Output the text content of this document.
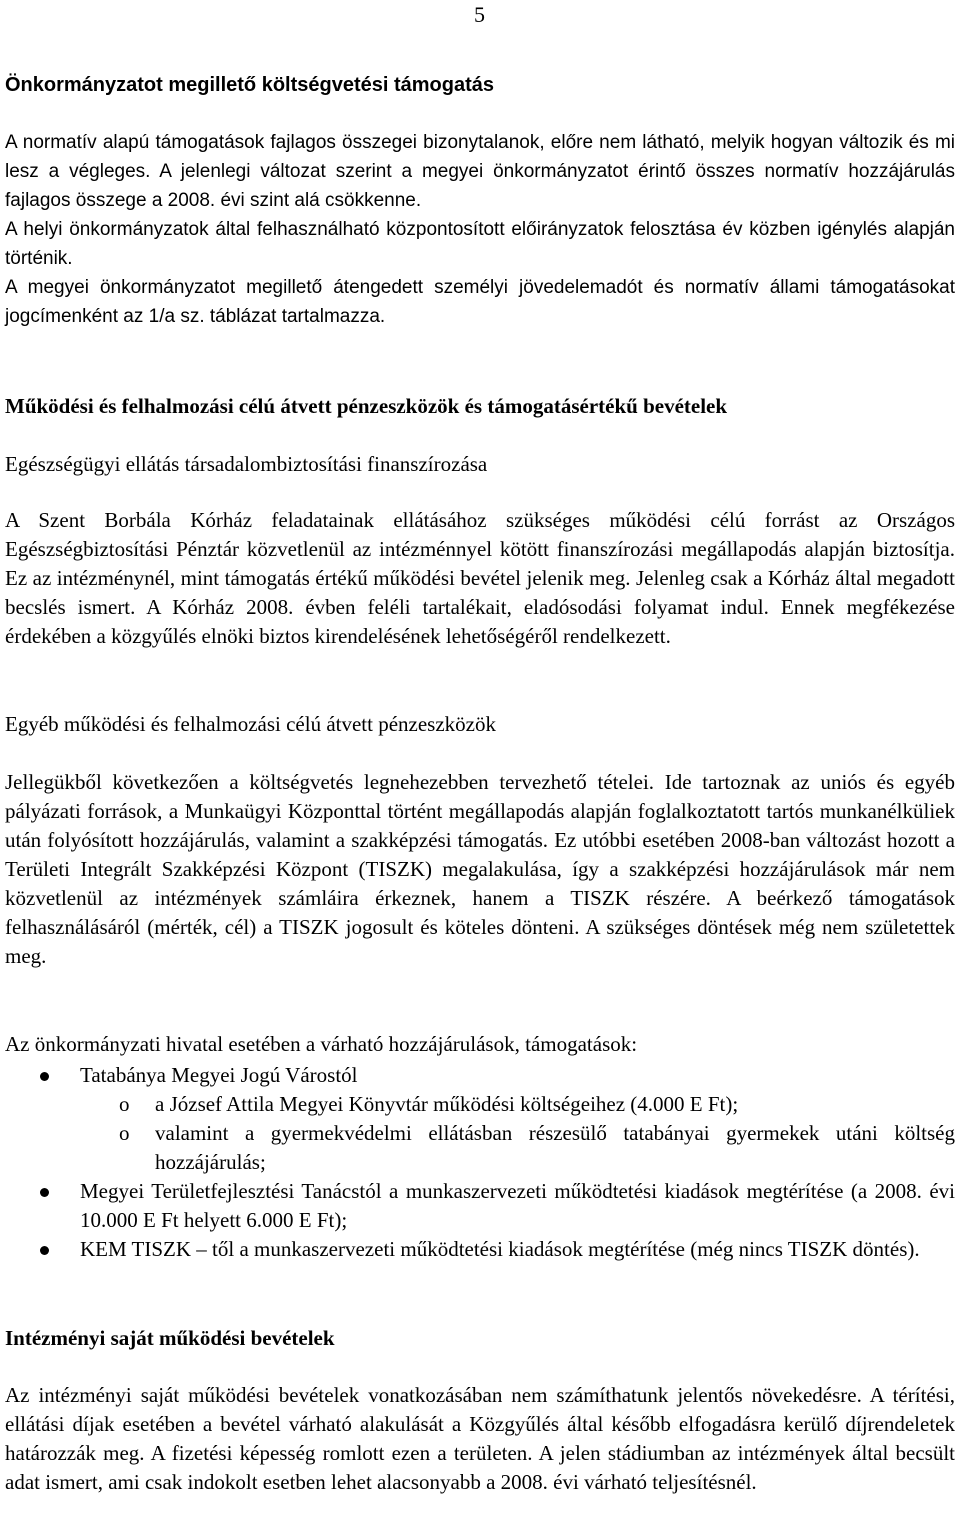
5
Önkormányzatot megillető költségvetési támogatás

A normatív alapú támogatások fajlagos összegei bizonytalanok, előre nem látható, melyik hogyan változik és mi lesz a végleges. A jelenlegi változat szerint a megyei önkormányzatot érintő összes normatív hozzájárulás fajlagos összege a 2008. évi szint alá csökkenne.

A helyi önkormányzatok által felhasználható központosított előirányzatok felosztása év közben igénylés alapján történik.

A megyei önkormányzatot megillető átengedett személyi jövedelemadót és normatív állami támogatásokat jogcímenként az 1/a sz. táblázat tartalmazza.

Működési és felhalmozási célú átvett pénzeszközök és támogatásértékű bevételek
Egészségügyi ellátás társadalombiztosítási finanszírozása

A Szent Borbála Kórház feladatainak ellátásához szükséges működési célú forrást az Országos Egészségbiztosítási Pénztár közvetlenül az intézménnyel kötött finanszírozási megállapodás alapján biztosítja. Ez az intézménynél, mint támogatás értékű működési bevétel jelenik meg. Jelenleg csak a Kórház által megadott becslés ismert. A Kórház 2008. évben feléli tartalékait, eladósodási folyamat indul. Ennek megfékezése érdekében a közgyűlés elnöki biztos kirendelésének lehetőségéről rendelkezett.

Egyéb működési és felhalmozási célú átvett pénzeszközök

Jellegükből következően a költségvetés legnehezebben tervezhető tételei. Ide tartoznak az uniós és egyéb pályázati források, a Munkaügyi Központtal történt megállapodás alapján foglalkoztatott tartós munkanélküliek után folyósított hozzájárulás, valamint a szakképzési támogatás. Ez utóbbi esetében 2008-ban változást hozott a Területi Integrált Szakképzési Központ (TISZK) megalakulása, így a szakképzési hozzájárulások már nem közvetlenül az intézmények számláira érkeznek, hanem a TISZK részére. A beérkező támogatások felhasználásáról (mérték, cél) a TISZK jogosult és köteles dönteni. A szükséges döntések még nem születettek meg.

Az önkormányzati hivatal esetében a várható hozzájárulások, támogatások:

Tatabánya Megyei Jogú Várostól
o a József Attila Megyei Könyvtár működési költségeihez (4.000 E Ft);
o valamint a gyermekvédelmi ellátásban részesülő tatabányai gyermekek utáni költség hozzájárulás;
Megyei Területfejlesztési Tanácstól a munkaszervezeti működtetési kiadások megtérítése (a 2008. évi 10.000 E Ft helyett 6.000 E Ft);
KEM TISZK – től a munkaszervezeti működtetési kiadások megtérítése (még nincs TISZK döntés).
Intézményi saját működési bevételek

Az intézményi saját működési bevételek vonatkozásában nem számíthatunk jelentős növekedésre. A térítési, ellátási díjak esetében a bevétel várható alakulását a Közgyűlés által később elfogadásra kerülő díjrendeletek határozzák meg. A fizetési képesség romlott ezen a területen. A jelen stádiumban az intézmények által becsült adat ismert, ami csak indokolt esetben lehet alacsonyabb a 2008. évi várható teljesítésnél.
